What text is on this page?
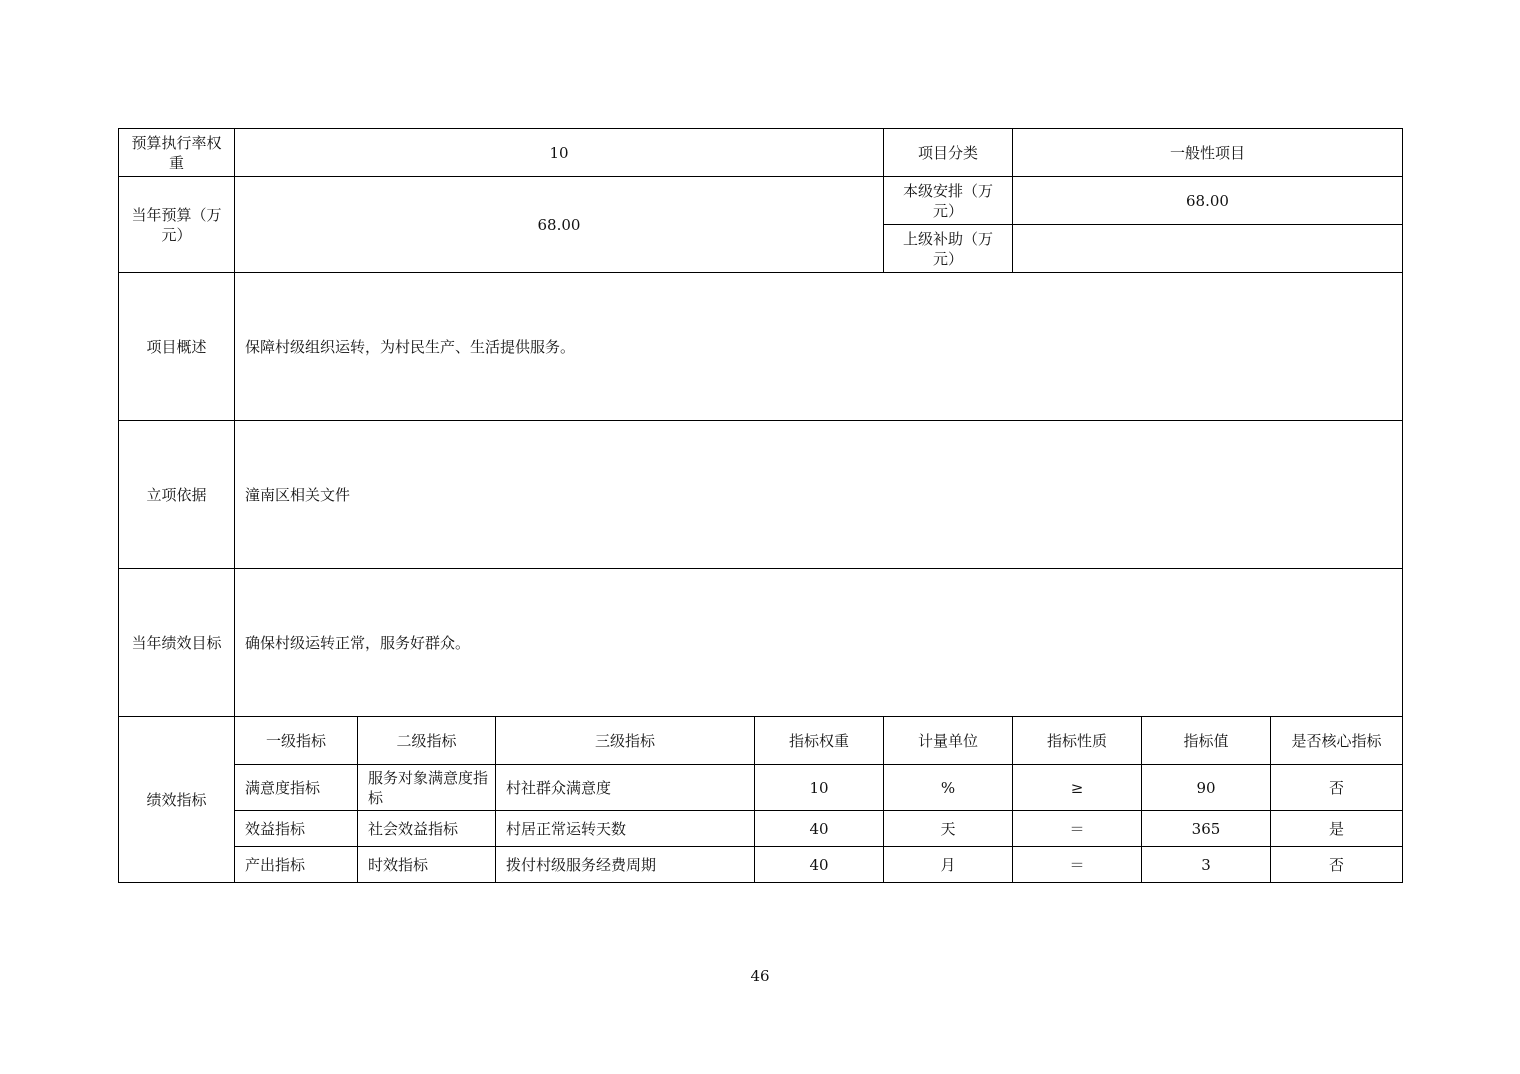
预算执行率权重	10				项目分类	一般性项目		
当年预算（万元）	68.00				本级安排（万元）	68.00		
					上级补助（万元）			
项目概述	保障村级组织运转，为村民生产、生活提供服务。							
立项依据	潼南区相关文件							
当年绩效目标	确保村级运转正常，服务好群众。							
绩效指标	一级指标	二级指标	三级指标	指标权重	计量单位	指标性质	指标值	是否核心指标
	满意度指标	服务对象满意度指标	村社群众满意度	10	%	≥	90	否
	效益指标	社会效益指标	村居正常运转天数	40	天	＝	365	是
	产出指标	时效指标	拨付村级服务经费周期	40	月	＝	3	否
46
